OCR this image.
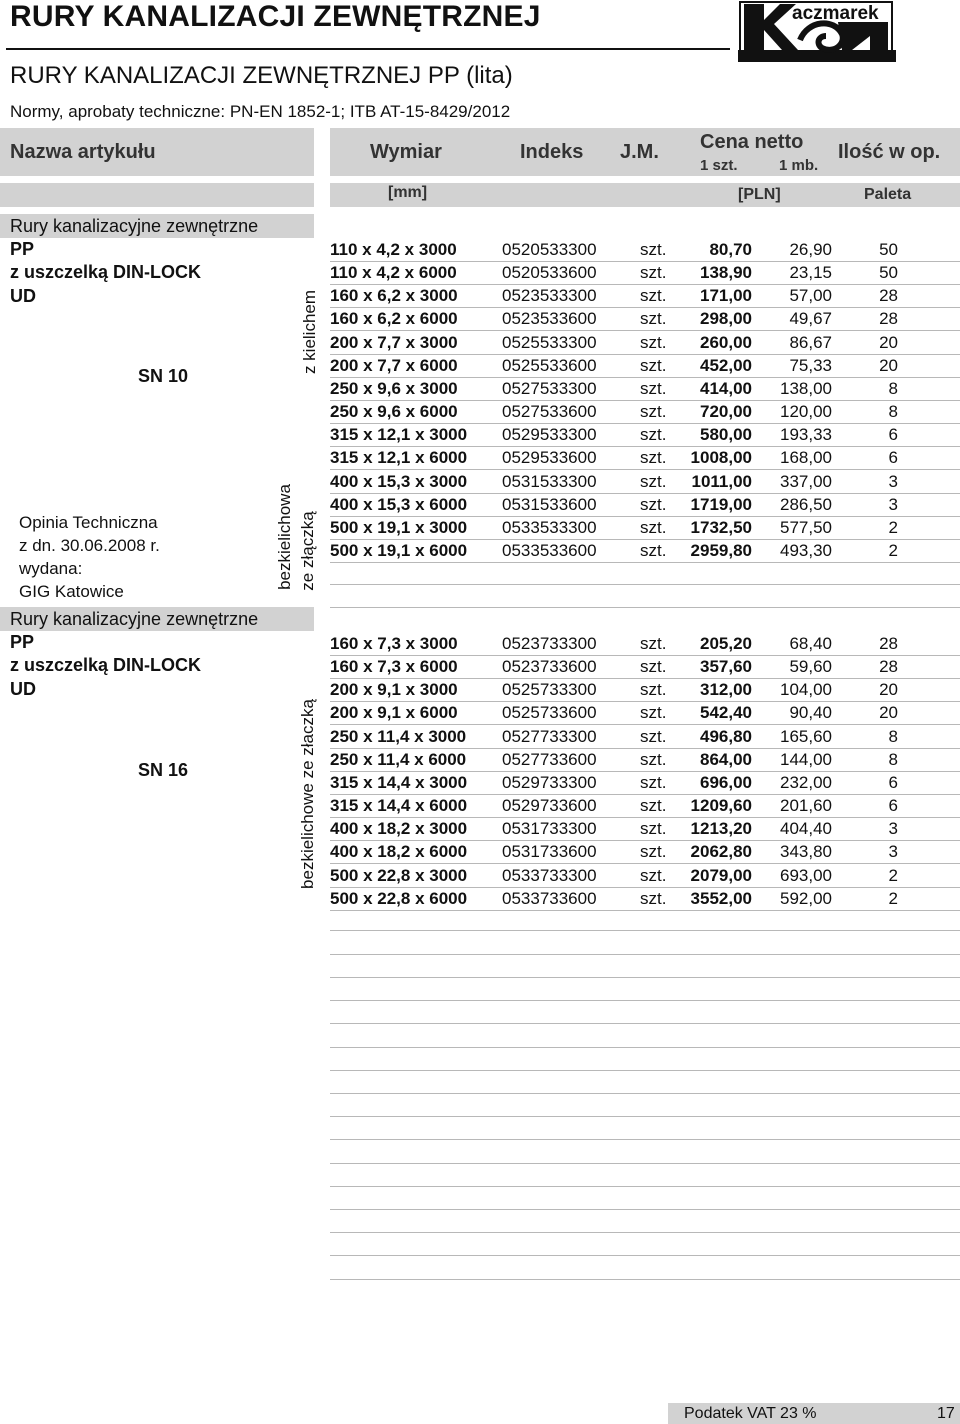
RURY KANALIZACJI ZEWNĘTRZNEJ	aczmarek
RURY KANALIZACJI ZEWNĘTRZNEJ PP (lita)
Normy, aprobaty techniczne: PN-EN 1852-1; ITB AT-15-8429/2012
Nazwa artykułu	Wymiar	Indeks J.M. Cena netto
1 szt.	1 mb.
Ilość w op.
[mm]	[PLN]	Paleta
Rury kanalizacyjne zewnętrzne
PP
z uszczelką DIN-LOCK
UD
SN 10
z kielichem
bezkielichowa ze złączką
Opinia Techniczna
z dn. 30.06.2008 r.
wydana:
GIG Katowice
Rury kanalizacyjne zewnętrzne
PP
z uszczelką DIN-LOCK
UD
SN 16	bezkielichowe ze złaczką
110 x 4,2 x 3000	0520533300	szt.	80,70 26,90	50
110 x 4,2 x 6000	0520533600	szt. 138,90 23,15	50
160 x 6,2 x 3000	0523533300	szt. 171,00 57,00	28
160 x 6,2 x 6000	0523533600	szt. 298,00 49,67	28
200 x 7,7 x 3000	0525533300	szt. 260,00 86,67	20
200 x 7,7 x 6000	0525533600	szt. 452,00 75,33	20
250 x 9,6 x 3000	0527533300	szt. 414,00 138,00	8
250 x 9,6 x 6000	0527533600	szt. 720,00 120,00	8
315 x 12,1 x 3000 0529533300	szt. 580,00 193,33	6
315 x 12,1 x 6000 0529533600	szt. 1008,00 168,00	6
400 x 15,3 x 3000 0531533300	szt. 1011,00 337,00	3
400 x 15,3 x 6000 0531533600	szt. 1719,00 286,50	3
500 x 19,1 x 3000 0533533300	szt. 1732,50 577,50	2
500 x 19,1 x 6000 0533533600	szt. 2959,80 493,30	2
160 x 7,3 x 3000	0523733300	szt. 205,20 68,40	28
160 x 7,3 x 6000	0523733600	szt. 357,60 59,60	28
200 x 9,1 x 3000	0525733300	szt. 312,00 104,00	20
200 x 9,1 x 6000	0525733600	szt. 542,40 90,40	20
250 x 11,4 x 3000 0527733300	szt. 496,80 165,60	8
250 x 11,4 x 6000 0527733600	szt. 864,00 144,00	8
315 x 14,4 x 3000 0529733300	szt. 696,00 232,00	6
315 x 14,4 x 6000 0529733600	szt. 1209,60 201,60	6
400 x 18,2 x 3000 0531733300	szt. 1213,20 404,40	3
400 x 18,2 x 6000 0531733600	szt. 2062,80 343,80	3
500 x 22,8 x 3000 0533733300	szt. 2079,00 693,00	2
500 x 22,8 x 6000 0533733600	szt. 3552,00 592,00	2
Podatek VAT 23 %	17
